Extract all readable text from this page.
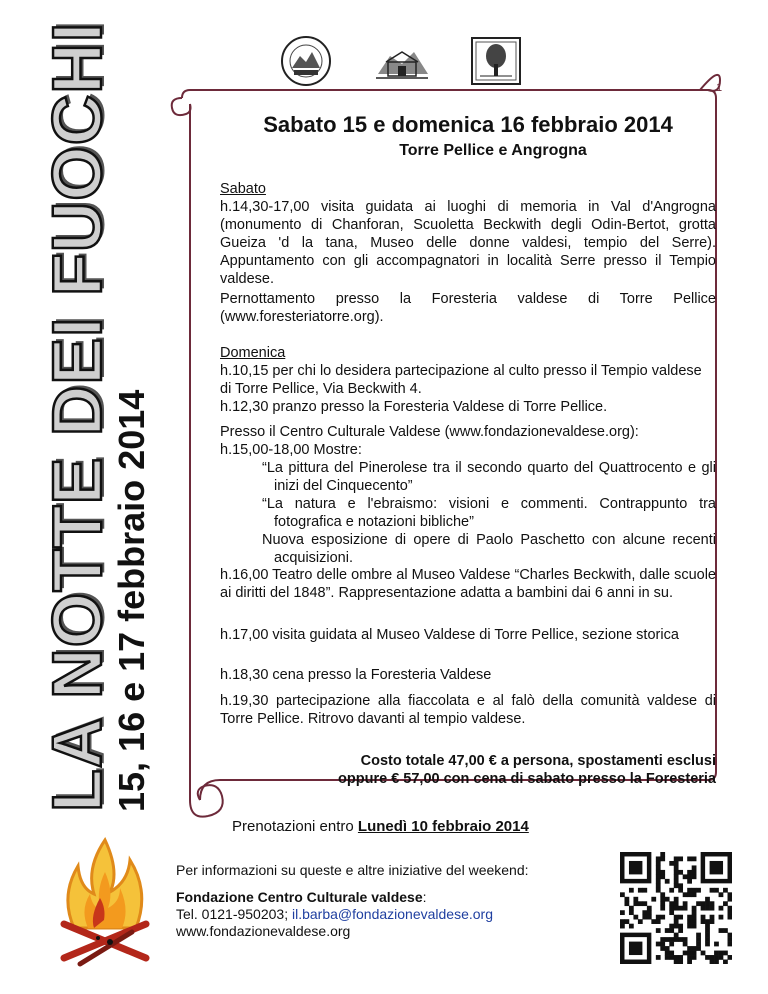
LA NOTTE DEI FUOCHI
15, 16 e 17 febbraio 2014
1
Sabato 15 e domenica 16 febbraio 2014
Torre Pellice e Angrogna
Sabato
h.14,30-17,00 visita guidata ai luoghi di memoria in Val d'Angrogna (monumento di Chanforan, Scuoletta Beckwith degli Odin-Bertot, grotta Gueiza 'd la tana, Museo delle donne valdesi, tempio del Serre). Appuntamento con gli accompagnatori in località Serre presso il Tempio valdese.
Pernottamento presso la Foresteria valdese di Torre Pellice (www.foresteriatorre.org).
Domenica
h.10,15 per chi lo desidera partecipazione al culto presso il Tempio valdese di Torre Pellice, Via Beckwith 4.
h.12,30 pranzo presso la Foresteria Valdese di Torre Pellice.
Presso il Centro Culturale Valdese (www.fondazionevaldese.org):
h.15,00-18,00 Mostre:
“La pittura del Pinerolese tra il secondo quarto del Quattrocento e gli inizi del Cinquecento”
“La natura e l'ebraismo: visioni e commenti. Contrappunto tra fotografica e notazioni bibliche”
Nuova esposizione di opere di Paolo Paschetto con alcune recenti acquisizioni.
h.16,00 Teatro delle ombre al Museo Valdese “Charles Beckwith, dalle scuole ai diritti del 1848”. Rappresentazione adatta a bambini dai 6 anni in su.
h.17,00 visita guidata al Museo Valdese di Torre Pellice, sezione storica
h.18,30 cena presso la Foresteria Valdese
h.19,30 partecipazione alla fiaccolata e al falò della comunità valdese di Torre Pellice. Ritrovo davanti al tempio valdese.
Costo totale 47,00 € a persona, spostamenti esclusi
oppure € 57,00 con cena di sabato presso la Foresteria
Prenotazioni entro Lunedì 10 febbraio 2014
Per informazioni su queste e altre iniziative del weekend:
Fondazione Centro Culturale valdese:
Tel. 0121-950203; il.barba@fondazionevaldese.org
www.fondazionevaldese.org
